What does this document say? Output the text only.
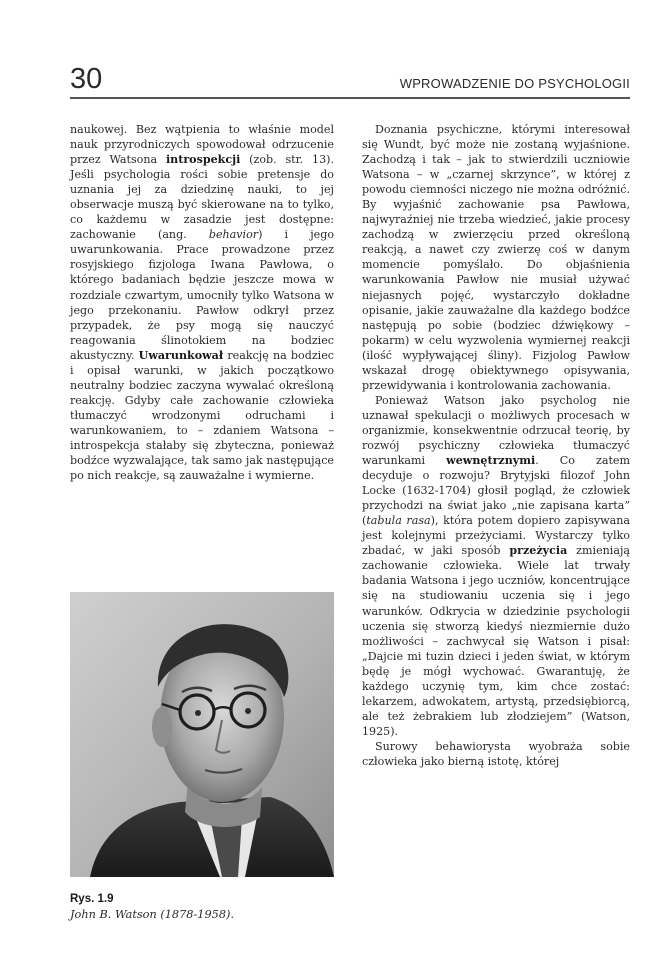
30	WPROWADZENIE DO PSYCHOLOGII

naukowej. Bez wątpienia to właśnie model nauk przyrodniczych spowodował odrzucenie przez Watsona introspekcji (zob. str. 13). Jeśli psychologia rości sobie pretensje do uznania jej za dziedzinę nauki, to jej obserwacje muszą być skierowane na to tylko, co każdemu w zasadzie jest dostępne: zachowanie (ang. behavior) i jego uwarunkowania. Prace prowadzone przez rosyjskiego fizjologa Iwana Pawłowa, o którego badaniach będzie jeszcze mowa w rozdziale czwartym, umocniły tylko Watsona w jego przekonaniu. Pawłow odkrył przez przypadek, że psy mogą się nauczyć reagowania ślinotokiem na bodziec akustyczny. Uwarunkował reakcję na bodziec i opisał warunki, w jakich początkowo neutralny bodziec zaczyna wywalać określoną reakcję. Gdyby całe zachowanie człowieka tłumaczyć wrodzonymi odruchami i warunkowaniem, to – zdaniem Watsona – introspekcja stałaby się zbyteczna, ponieważ bodźce wyzwalające, tak samo jak następujące po nich reakcje, są zauważalne i wymierne.

Rys. 1.9
John B. Watson (1878-1958).

Doznania psychiczne, którymi interesował się Wundt, być może nie zostaną wyjaśnione. Zachodzą i tak – jak to stwierdzili uczniowie Watsona – w „czarnej skrzynce”, w której z powodu ciemności niczego nie można odróżnić. By wyjaśnić zachowanie psa Pawłowa, najwyraźniej nie trzeba wiedzieć, jakie procesy zachodzą w zwierzęciu przed określoną reakcją, a nawet czy zwierzę coś w danym momencie pomyślało. Do objaśnienia warunkowania Pawłow nie musiał używać niejasnych pojęć, wystarczyło dokładne opisanie, jakie zauważalne dla każdego bodźce następują po sobie (bodziec dźwiękowy – pokarm) w celu wyzwolenia wymiernej reakcji (ilość wypływającej śliny). Fizjolog Pawłow wskazał drogę obiektywnego opisywania, przewidywania i kontrolowania zachowania.

Ponieważ Watson jako psycholog nie uznawał spekulacji o możliwych procesach w organizmie, konsekwentnie odrzucał teorię, by rozwój psychiczny człowieka tłumaczyć warunkami wewnętrznymi. Co zatem decyduje o rozwoju? Brytyjski filozof John Locke (1632-1704) głosił pogląd, że człowiek przychodzi na świat jako „nie zapisana karta” (tabula rasa), która potem dopiero zapisywana jest kolejnymi przeżyciami. Wystarczy tylko zbadać, w jaki sposób przeżycia zmieniają zachowanie człowieka. Wiele lat trwały badania Watsona i jego uczniów, koncentrujące się na studiowaniu uczenia się i jego warunków. Odkrycia w dziedzinie psychologii uczenia się stworzą kiedyś niezmiernie dużo możliwości – zachwycał się Watson i pisał: „Dajcie mi tuzin dzieci i jeden świat, w którym będę je mógł wychować. Gwarantuję, że każdego uczynię tym, kim chce zostać: lekarzem, adwokatem, artystą, przedsiębiorcą, ale też żebrakiem lub złodziejem” (Watson, 1925).

Surowy behawiorysta wyobraża sobie człowieka jako bierną istotę, której
